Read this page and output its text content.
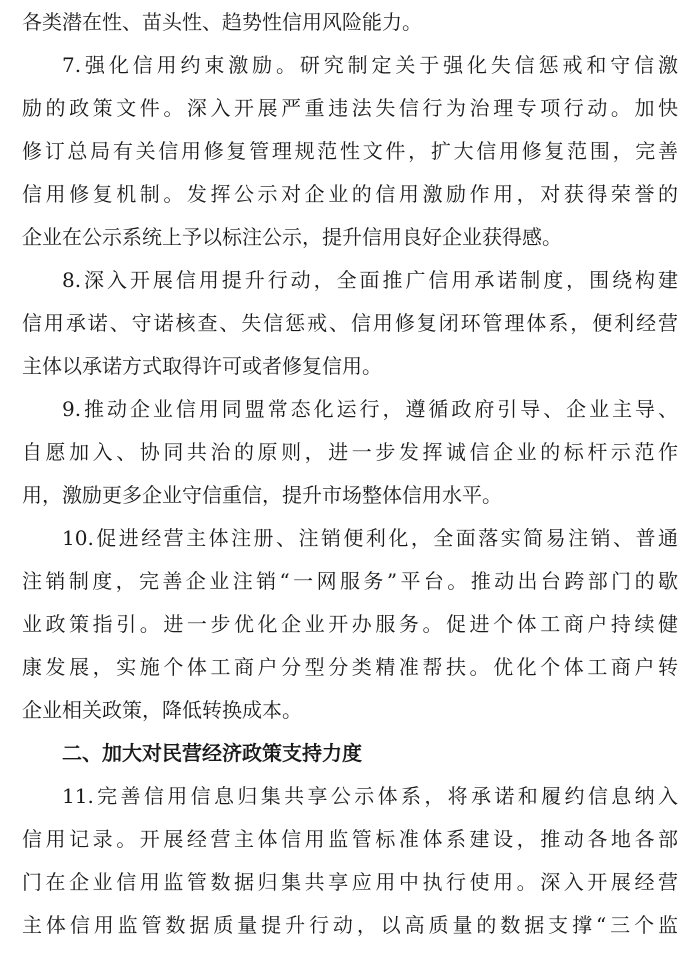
各类潜在性、苗头性、趋势性信用风险能力。
7.强化信用约束激励。研究制定关于强化失信惩戒和守信激
励的政策文件。深入开展严重违法失信行为治理专项行动。加快
修订总局有关信用修复管理规范性文件，扩大信用修复范围，完善
信用修复机制。发挥公示对企业的信用激励作用，对获得荣誉的
企业在公示系统上予以标注公示，提升信用良好企业获得感。
8.深入开展信用提升行动，全面推广信用承诺制度，围绕构建
信用承诺、守诺核查、失信惩戒、信用修复闭环管理体系，便利经营
主体以承诺方式取得许可或者修复信用。
9.推动企业信用同盟常态化运行，遵循政府引导、企业主导、
自愿加入、协同共治的原则，进一步发挥诚信企业的标杆示范作
用，激励更多企业守信重信，提升市场整体信用水平。
10.促进经营主体注册、注销便利化，全面落实简易注销、普通
注销制度，完善企业注销“一网服务”平台。推动出台跨部门的歇
业政策指引。进一步优化企业开办服务。促进个体工商户持续健
康发展，实施个体工商户分型分类精准帮扶。优化个体工商户转
企业相关政策，降低转换成本。
二、加大对民营经济政策支持力度
11.完善信用信息归集共享公示体系，将承诺和履约信息纳入
信用记录。开展经营主体信用监管标准体系建设，推动各地各部
门在企业信用监管数据归集共享应用中执行使用。深入开展经营
主体信用监管数据质量提升行动，以高质量的数据支撑“三个监
